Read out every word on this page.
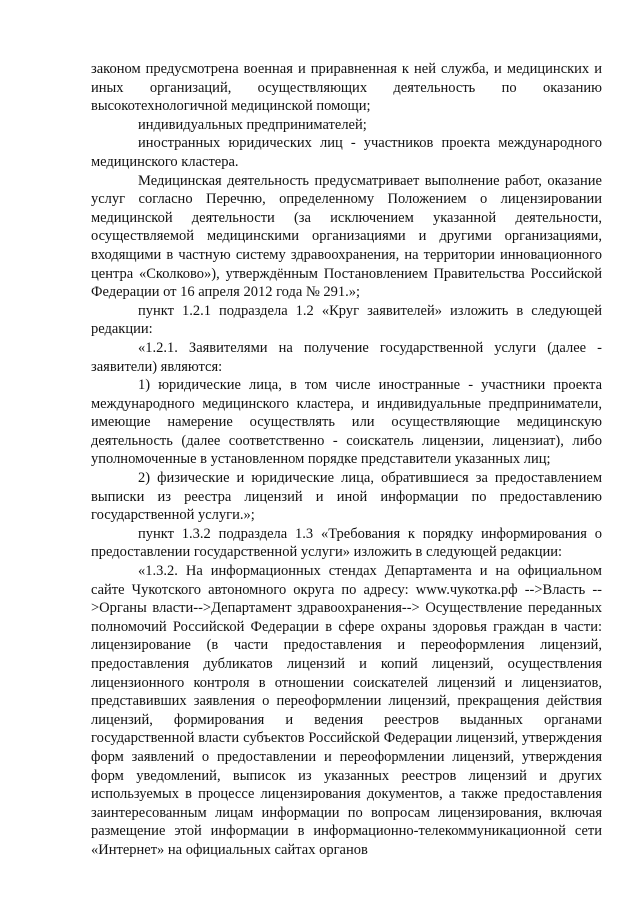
законом предусмотрена военная и приравненная к ней служба, и медицинских и иных организаций, осуществляющих деятельность по оказанию высокотехнологичной медицинской помощи;

индивидуальных предпринимателей;

иностранных юридических лиц - участников проекта международного медицинского кластера.

Медицинская деятельность предусматривает выполнение работ, оказание услуг согласно Перечню, определенному Положением о лицензировании медицинской деятельности (за исключением указанной деятельности, осуществляемой медицинскими организациями и другими организациями, входящими в частную систему здравоохранения, на территории инновационного центра «Сколково»), утверждённым Постановлением Правительства Российской Федерации от 16 апреля 2012 года № 291.»;

пункт 1.2.1 подраздела 1.2 «Круг заявителей» изложить в следующей редакции:

«1.2.1. Заявителями на получение государственной услуги (далее - заявители) являются:

1) юридические лица, в том числе иностранные - участники проекта международного медицинского кластера, и индивидуальные предприниматели, имеющие намерение осуществлять или осуществляющие медицинскую деятельность (далее соответственно - соискатель лицензии, лицензиат), либо уполномоченные в установленном порядке представители указанных лиц;

2) физические и юридические лица, обратившиеся за предоставлением выписки из реестра лицензий и иной информации по предоставлению государственной услуги.»;

пункт 1.3.2 подраздела 1.3 «Требования к порядку информирования о предоставлении государственной услуги» изложить в следующей редакции:

«1.3.2. На информационных стендах Департамента и на официальном сайте Чукотского автономного округа по адресу: www.чукотка.рф -->Власть -->Органы власти-->Департамент здравоохранения--> Осуществление переданных полномочий Российской Федерации в сфере охраны здоровья граждан в части: лицензирование (в части предоставления и переоформления лицензий, предоставления дубликатов лицензий и копий лицензий, осуществления лицензионного контроля в отношении соискателей лицензий и лицензиатов, представивших заявления о переоформлении лицензий, прекращения действия лицензий, формирования и ведения реестров выданных органами государственной власти субъектов Российской Федерации лицензий, утверждения форм заявлений о предоставлении и переоформлении лицензий, утверждения форм уведомлений, выписок из указанных реестров лицензий и других используемых в процессе лицензирования документов, а также предоставления заинтересованным лицам информации по вопросам лицензирования, включая размещение этой информации в информационно-телекоммуникационной сети «Интернет» на официальных сайтах органов
